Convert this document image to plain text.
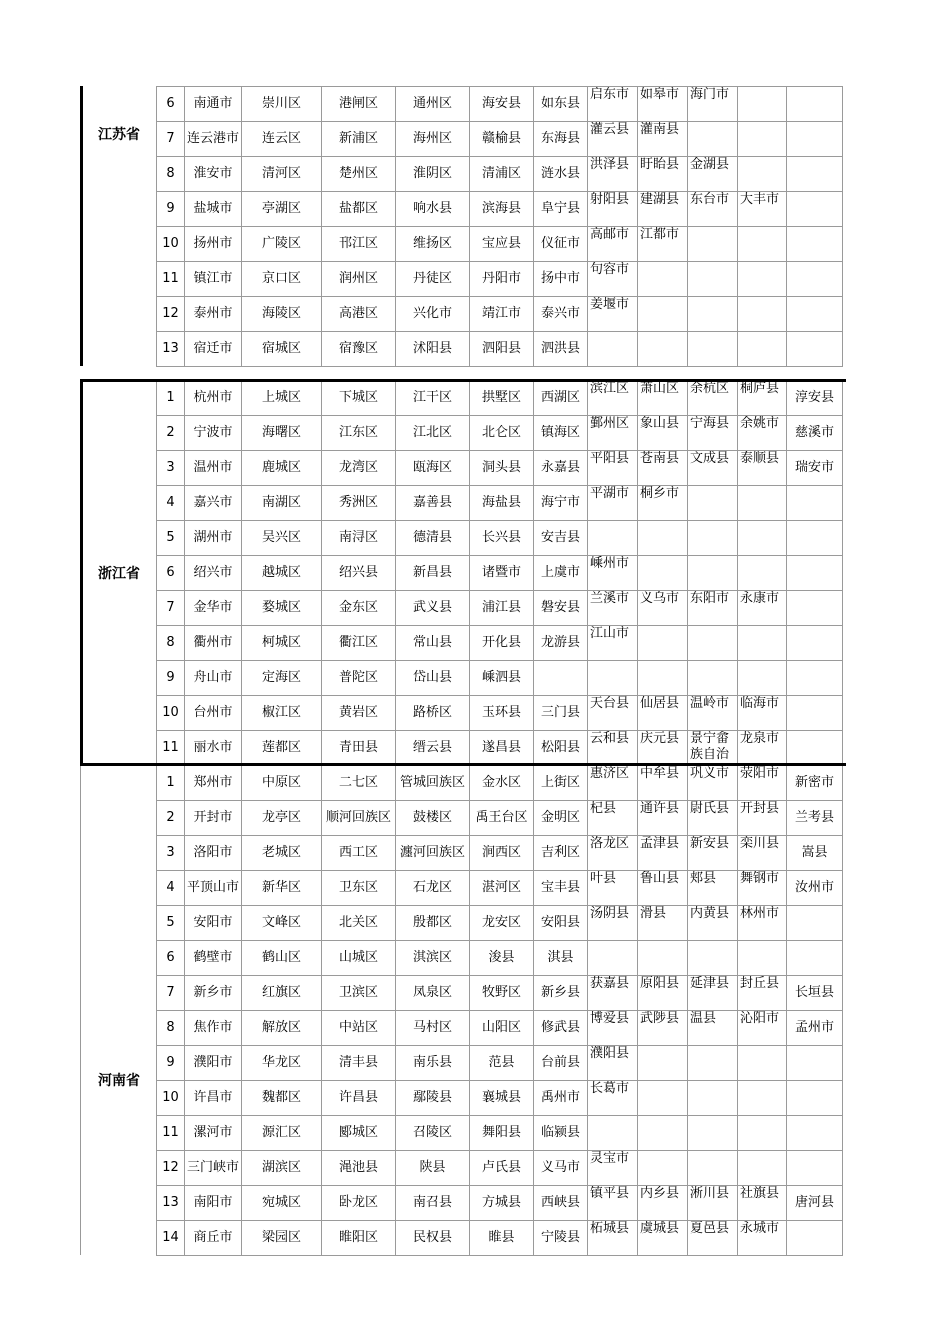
江苏省
6	南通市	崇川区	港闸区	通州区	海安县	如东县	启东市	如皋市	海门市		
7	连云港市	连云区	新浦区	海州区	赣榆县	东海县	灌云县	灌南县			
8	淮安市	清河区	楚州区	淮阴区	清浦区	涟水县	洪泽县	盱眙县	金湖县		
9	盐城市	亭湖区	盐都区	响水县	滨海县	阜宁县	射阳县	建湖县	东台市	大丰市	
10	扬州市	广陵区	邗江区	维扬区	宝应县	仪征市	高邮市	江都市			
11	镇江市	京口区	润州区	丹徒区	丹阳市	扬中市	句容市				
12	泰州市	海陵区	高港区	兴化市	靖江市	泰兴市	姜堰市				
13	宿迁市	宿城区	宿豫区	沭阳县	泗阳县	泗洪县					
浙江省
1	杭州市	上城区	下城区	江干区	拱墅区	西湖区	滨江区	萧山区	余杭区	桐庐县	淳安县
2	宁波市	海曙区	江东区	江北区	北仑区	镇海区	鄞州区	象山县	宁海县	余姚市	慈溪市
3	温州市	鹿城区	龙湾区	瓯海区	洞头县	永嘉县	平阳县	苍南县	文成县	泰顺县	瑞安市
4	嘉兴市	南湖区	秀洲区	嘉善县	海盐县	海宁市	平湖市	桐乡市			
5	湖州市	吴兴区	南浔区	德清县	长兴县	安吉县					
6	绍兴市	越城区	绍兴县	新昌县	诸暨市	上虞市	嵊州市				
7	金华市	婺城区	金东区	武义县	浦江县	磐安县	兰溪市	义乌市	东阳市	永康市	
8	衢州市	柯城区	衢江区	常山县	开化县	龙游县	江山市				
9	舟山市	定海区	普陀区	岱山县	嵊泗县						
10	台州市	椒江区	黄岩区	路桥区	玉环县	三门县	天台县	仙居县	温岭市	临海市	
11	丽水市	莲都区	青田县	缙云县	遂昌县	松阳县	云和县	庆元县	景宁畲族自治	龙泉市	
河南省
1	郑州市	中原区	二七区	管城回族区	金水区	上街区	惠济区	中牟县	巩义市	荥阳市	新密市
2	开封市	龙亭区	顺河回族区	鼓楼区	禹王台区	金明区	杞县	通许县	尉氏县	开封县	兰考县
3	洛阳市	老城区	西工区	瀍河回族区	涧西区	吉利区	洛龙区	孟津县	新安县	栾川县	嵩县
4	平顶山市	新华区	卫东区	石龙区	湛河区	宝丰县	叶县	鲁山县	郏县	舞钢市	汝州市
5	安阳市	文峰区	北关区	殷都区	龙安区	安阳县	汤阴县	滑县	内黄县	林州市	
6	鹤壁市	鹤山区	山城区	淇滨区	浚县	淇县					
7	新乡市	红旗区	卫滨区	凤泉区	牧野区	新乡县	获嘉县	原阳县	延津县	封丘县	长垣县
8	焦作市	解放区	中站区	马村区	山阳区	修武县	博爱县	武陟县	温县	沁阳市	孟州市
9	濮阳市	华龙区	清丰县	南乐县	范县	台前县	濮阳县				
10	许昌市	魏都区	许昌县	鄢陵县	襄城县	禹州市	长葛市				
11	漯河市	源汇区	郾城区	召陵区	舞阳县	临颍县					
12	三门峡市	湖滨区	渑池县	陕县	卢氏县	义马市	灵宝市				
13	南阳市	宛城区	卧龙区	南召县	方城县	西峡县	镇平县	内乡县	淅川县	社旗县	唐河县
14	商丘市	梁园区	睢阳区	民权县	睢县	宁陵县	柘城县	虞城县	夏邑县	永城市	
